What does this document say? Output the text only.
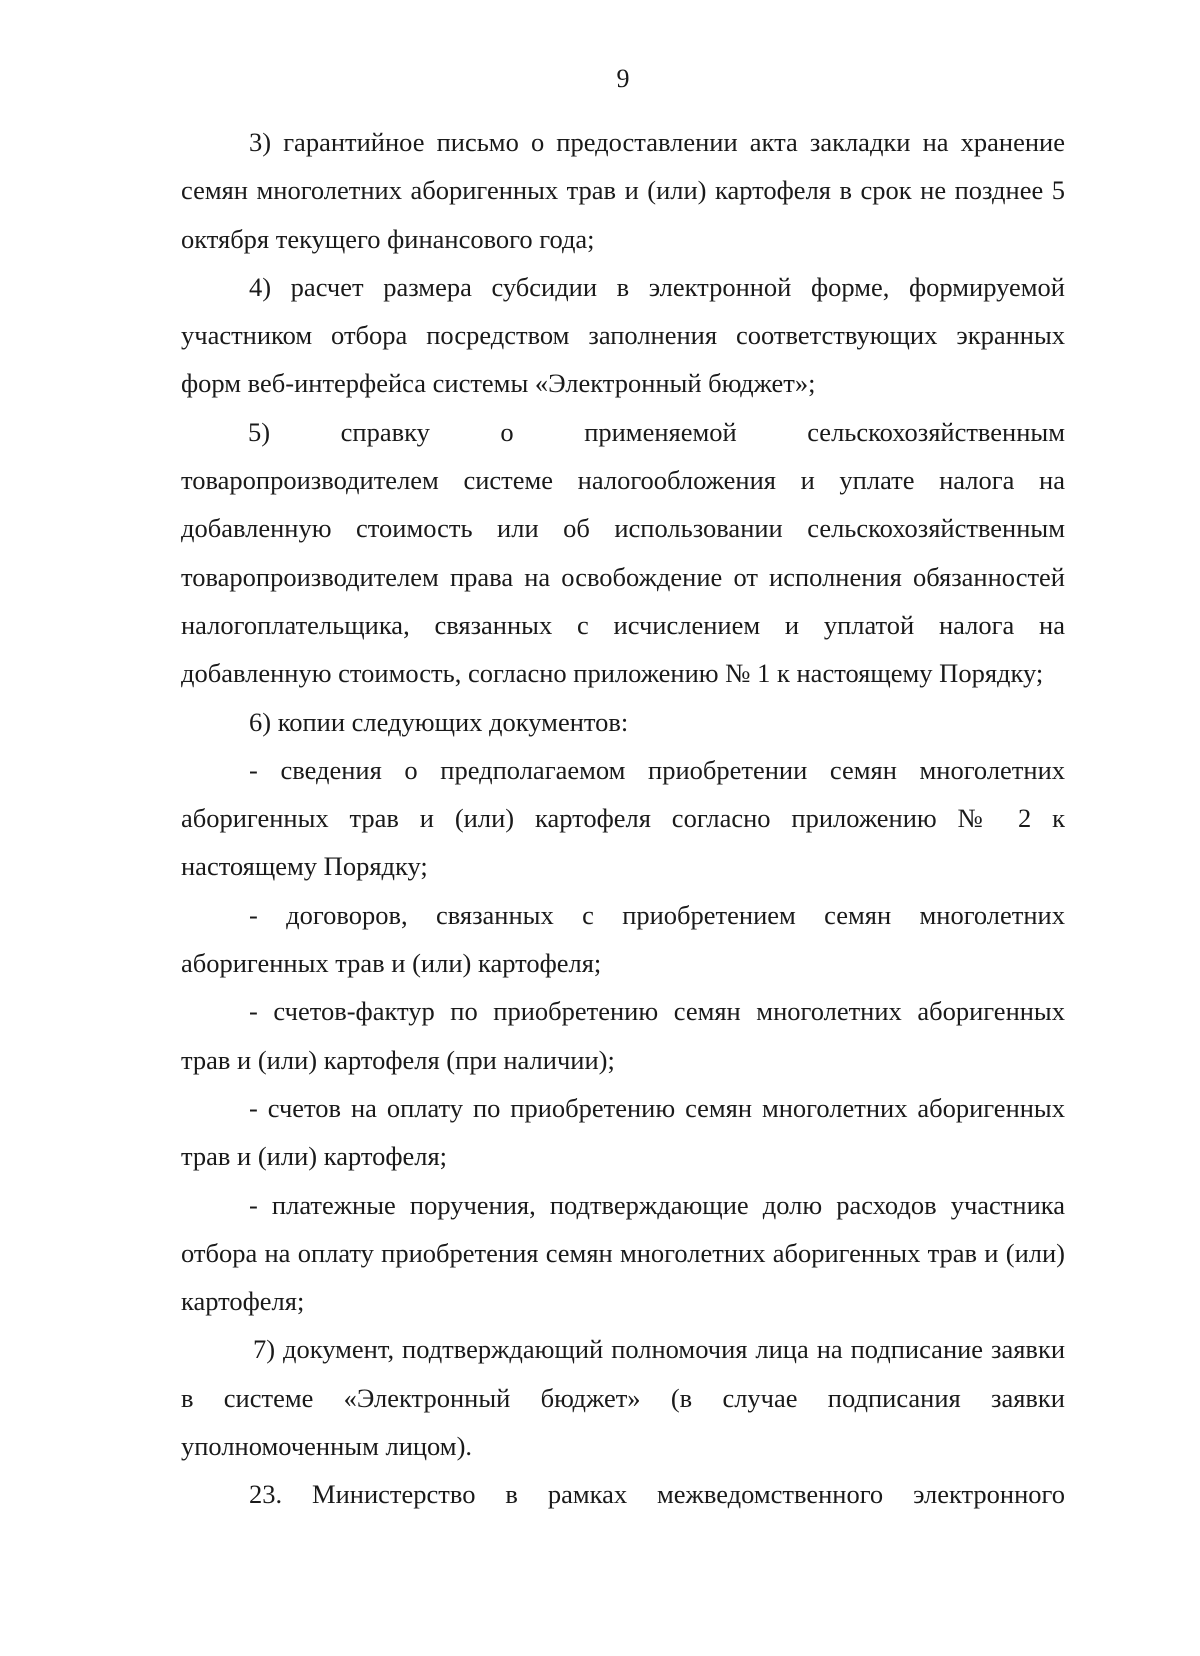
9

3) гарантийное письмо о предоставлении акта закладки на хранение семян многолетних аборигенных трав и (или) картофеля в срок не позднее 5 октября текущего финансового года;

4) расчет размера субсидии в электронной форме, формируемой участником отбора посредством заполнения соответствующих экранных форм веб-интерфейса системы «Электронный бюджет»;

5) справку о применяемой сельскохозяйственным товаропроизводителем системе налогообложения и уплате налога на добавленную стоимость или об использовании сельскохозяйственным товаропроизводителем права на освобождение от исполнения обязанностей налогоплательщика, связанных с исчислением и уплатой налога на добавленную стоимость, согласно приложению № 1 к настоящему Порядку;

6) копии следующих документов:

- сведения о предполагаемом приобретении семян многолетних аборигенных трав и (или) картофеля согласно приложению № 2 к настоящему Порядку;

- договоров, связанных с приобретением семян многолетних аборигенных трав и (или) картофеля;

- счетов-фактур по приобретению семян многолетних аборигенных трав и (или) картофеля (при наличии);

- счетов на оплату по приобретению семян многолетних аборигенных трав и (или) картофеля;

- платежные поручения, подтверждающие долю расходов участника отбора на оплату приобретения семян многолетних аборигенных трав и (или) картофеля;

7) документ, подтверждающий полномочия лица на подписание заявки в системе «Электронный бюджет» (в случае подписания заявки уполномоченным лицом).

23. Министерство в рамках межведомственного электронного
